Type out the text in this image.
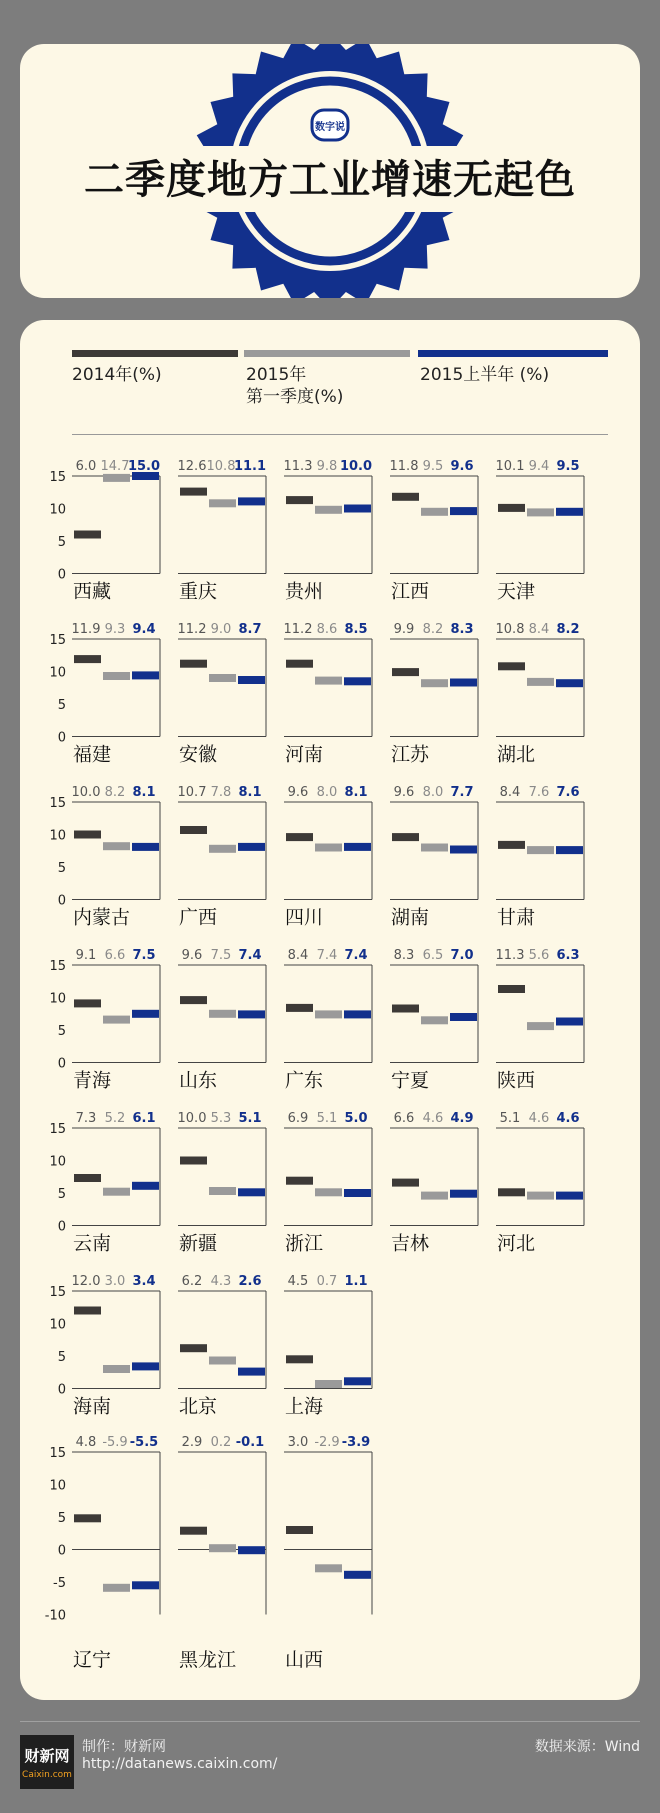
数字说
二季度地方工业增速无起色
2014年(%)	2015年
第一季度(%)
2015上半年 (%)
15
10
5
0
6.0 14.7
15.0
西藏
12.6 10.8
11.1
重庆
11.3 9.8 10.0
贵州
11.8 9.5 9.6
江西
10.1 9.4 9.5
天津
15
10
5
0
11.9 9.3 9.4
福建
11.2 9.0 8.7
安徽
11.2 8.6 8.5
河南
9.9 8.2 8.3
江苏
10.8 8.4 8.2
湖北
15
10
5
0
10.0 8.2 8.1
内蒙古
10.7 7.8 8.1
广西
9.6 8.0 8.1
四川
9.6 8.0 7.7
湖南
8.4 7.6 7.6
甘肃
15
10
5
0
9.1 6.6 7.5
青海
9.6 7.5 7.4
山东
8.4 7.4 7.4
广东
8.3 6.5 7.0
宁夏
11.3 5.6 6.3
陕西
15
10
5
0
7.3 5.2 6.1
云南
10.0 5.3 5.1
新疆
6.9 5.1 5.0
浙江
6.6 4.6 4.9
吉林
5.1 4.6 4.6
河北
15
10
5
0
12.0 3.0 3.4
海南
6.2 4.3 2.6
北京
4.5 0.7 1.1
上海
15
10
5
0
-5
-10
4.8 -5.9 -5.5
辽宁
2.9 0.2 -0.1
黑龙江
3.0 -2.9 -3.9
山西
财新网
Caixin.com
制作：财新网
http://datanews.caixin.com/
数据来源：Wind
